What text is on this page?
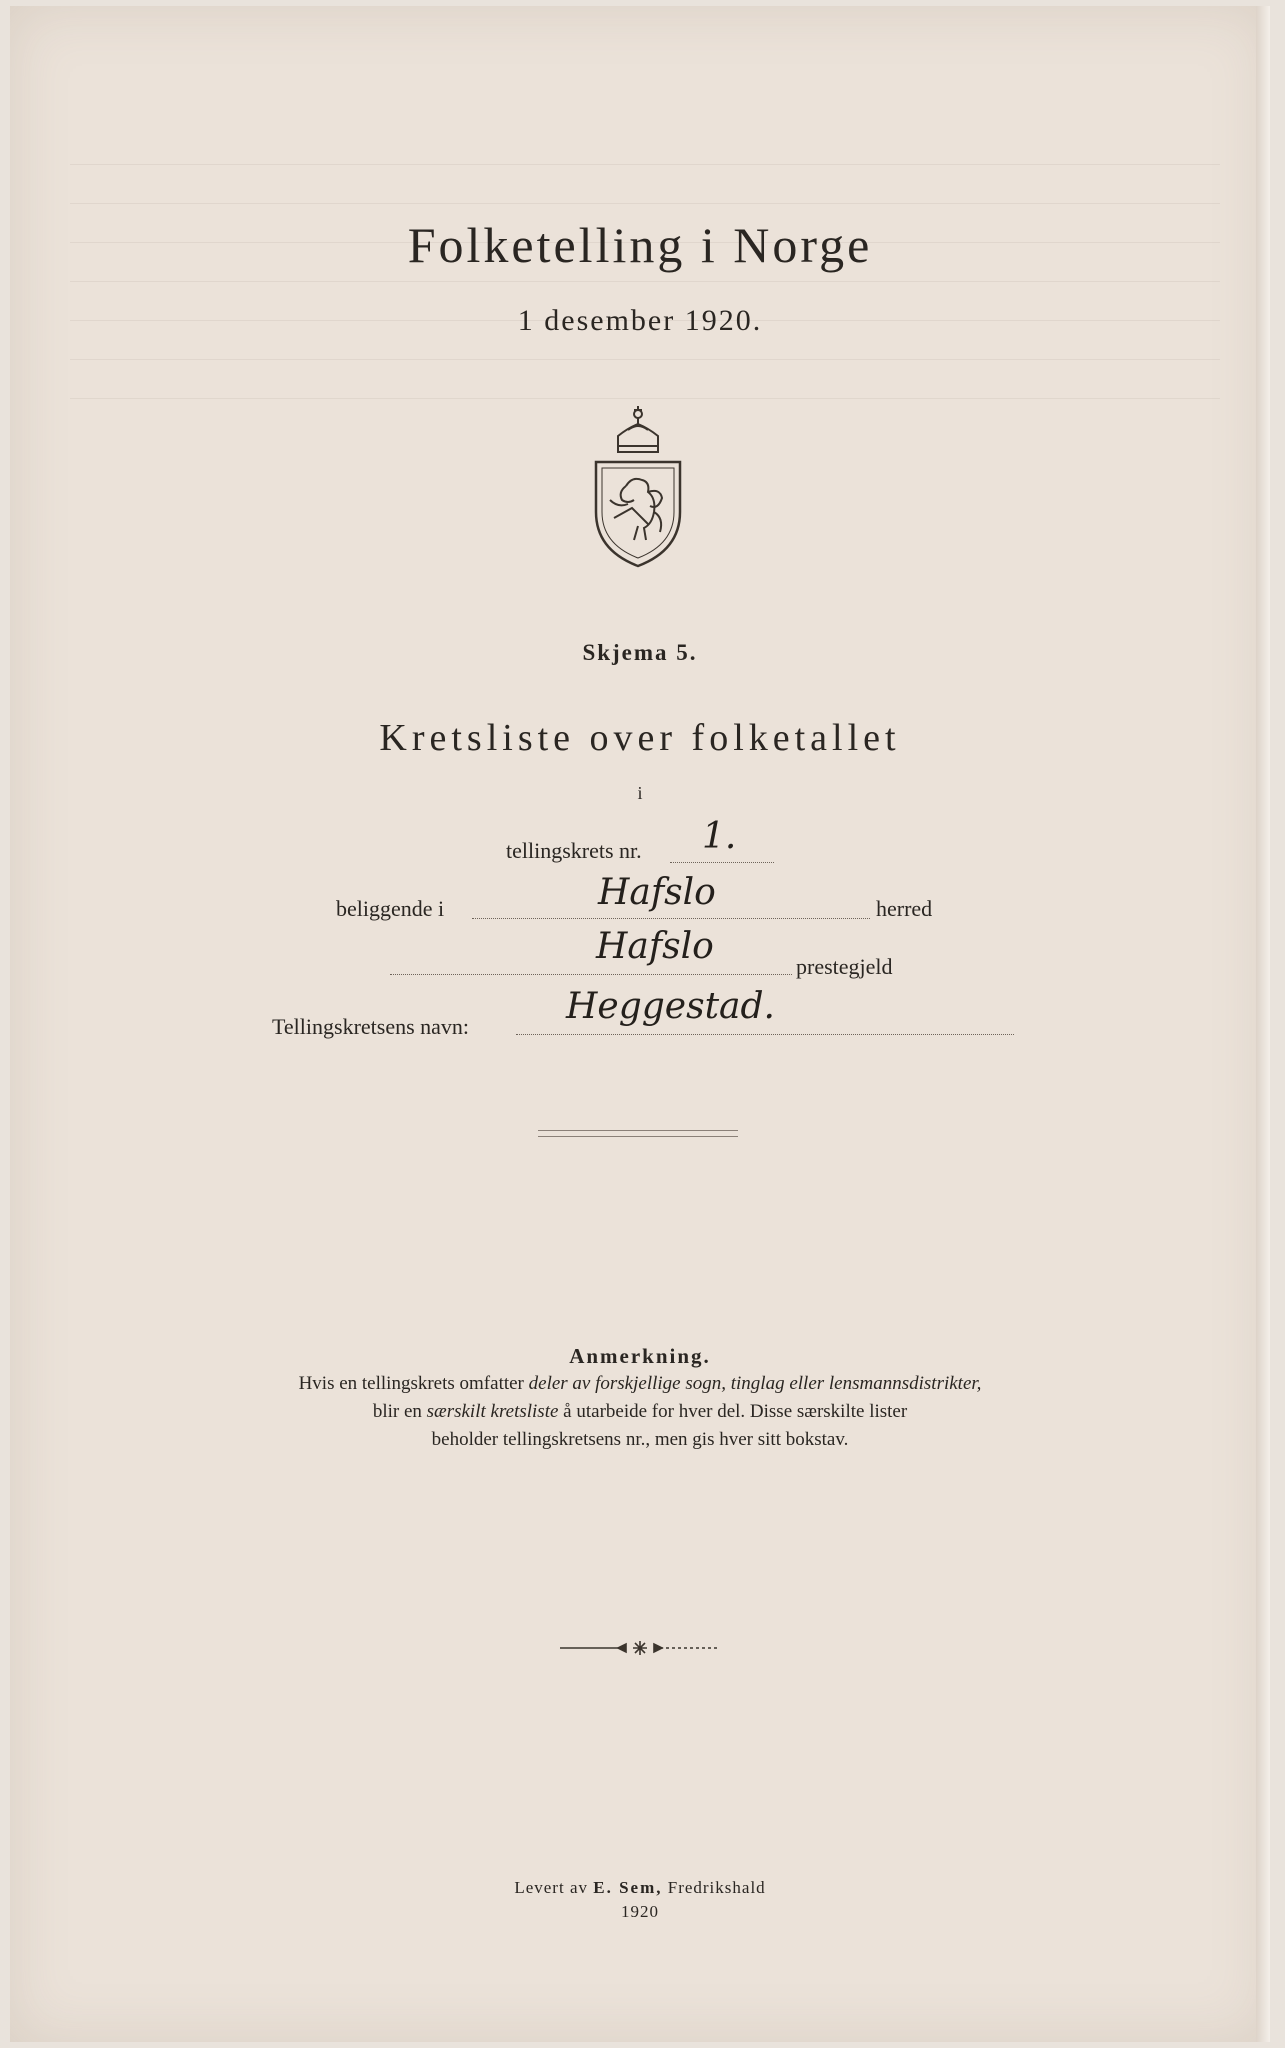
Folketelling i Norge
1 desember 1920.
Skjema 5.
Kretsliste over folketallet
i
tellingskrets nr. 1.
beliggende i	Hafslo	herred
Hafslo	prestegjeld
Tellingskretsens navn:	Heggestad.
Anmerkning.
Hvis en tellingskrets omfatter deler av forskjellige sogn, tinglag eller lensmannsdistrikter,
blir en særskilt kretsliste å utarbeide for hver del. Disse særskilte lister
beholder tellingskretsens nr., men gis hver sitt bokstav.
Levert av E. Sem, Fredrikshald
1920
